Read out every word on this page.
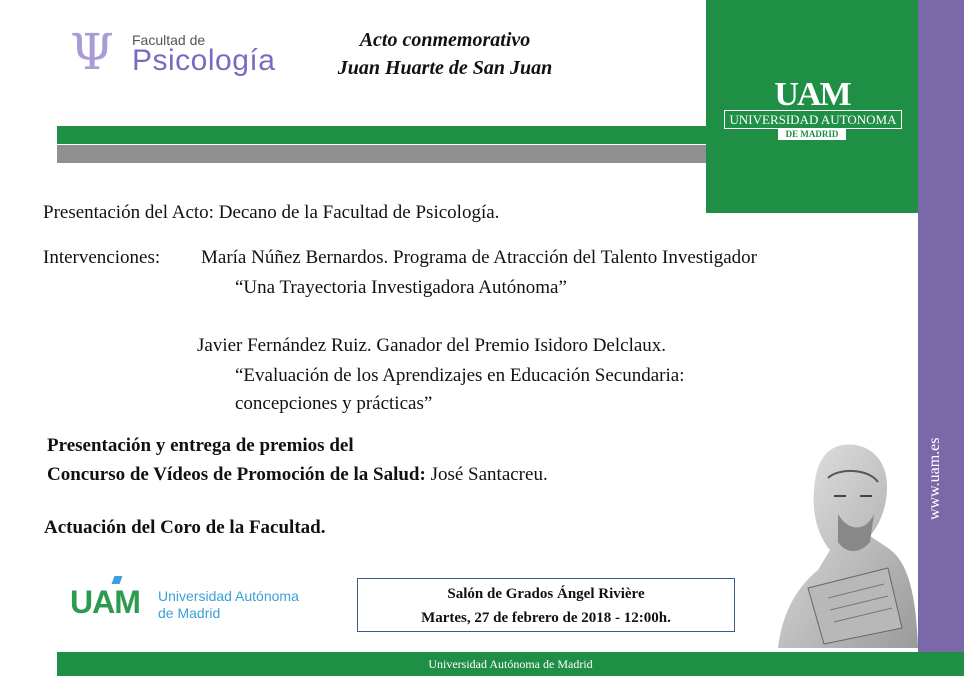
Ψ Facultad de
Psicología
Acto conmemorativo
Juan Huarte de San Juan
UAM
UNIVERSIDAD AUTONOMA
DE MADRID
www.uam.es
Presentación del Acto: Decano de la Facultad de Psicología.
Intervenciones: María Núñez Bernardos. Programa de Atracción del Talento Investigador
“Una Trayectoria Investigadora Autónoma”
Javier Fernández Ruiz. Ganador del Premio Isidoro Delclaux.
“Evaluación de los Aprendizajes en Educación Secundaria:
concepciones y prácticas”
Presentación y entrega de premios del
Concurso de Vídeos de Promoción de la Salud: José Santacreu.
Actuación del Coro de la Facultad.
UAM Universidad Autónoma
de Madrid
Salón de Grados Ángel Rivière
Martes, 27 de febrero de 2018 - 12:00h.
Universidad Autónoma de Madrid
